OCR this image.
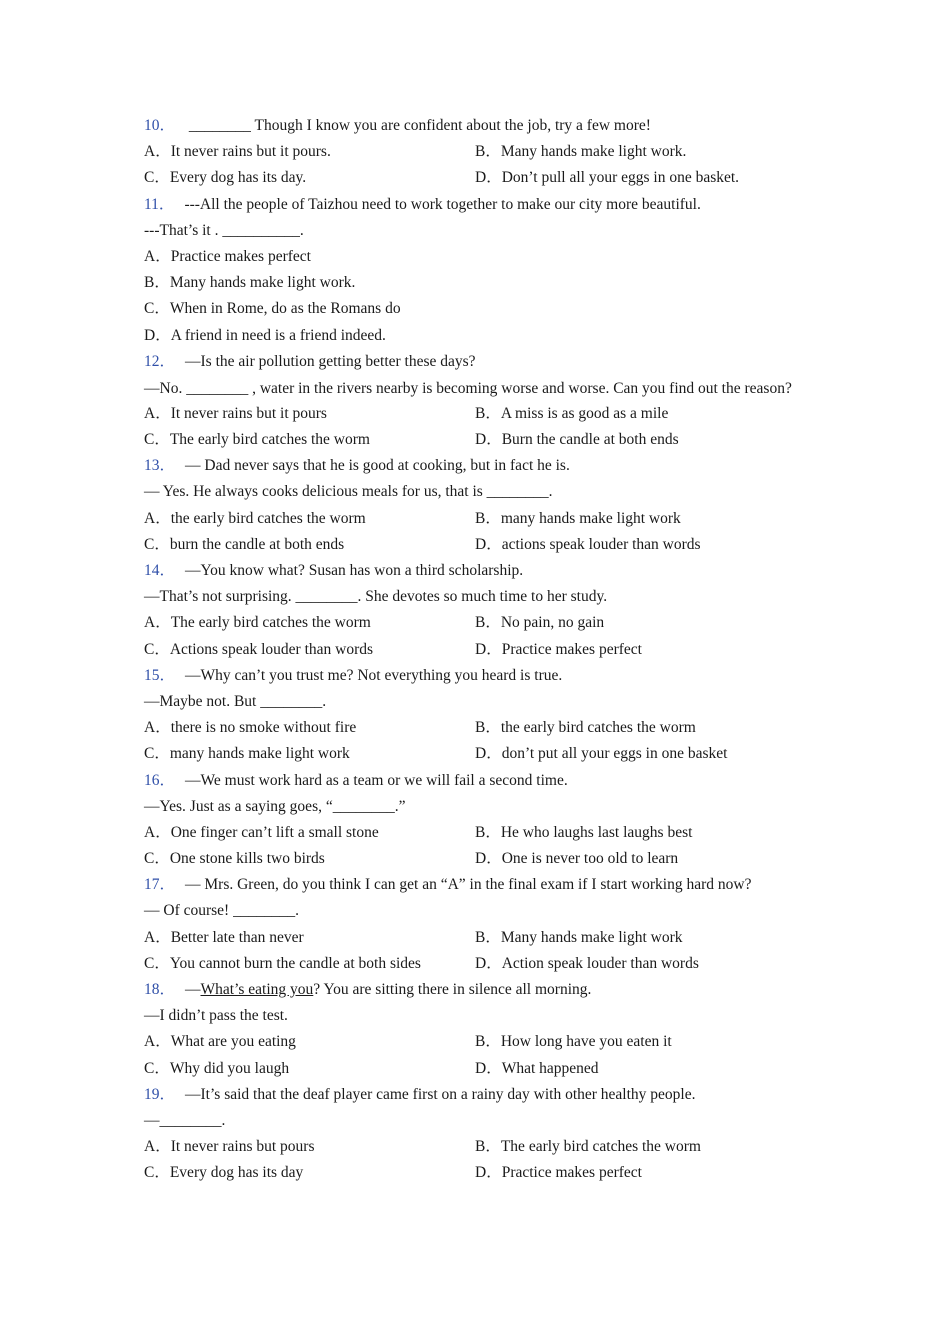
10． ________ Though I know you are confident about the job, try a few more!
A．It never rains but it pours.	B．Many hands make light work.
C．Every dog has its day.	D．Don’t pull all your eggs in one basket.
11． ---All the people of Taizhou need to work together to make our city more beautiful.
---That’s it . __________.
A．Practice makes perfect
B．Many hands make light work.
C．When in Rome, do as the Romans do
D．A friend in need is a friend indeed.
12． —Is the air pollution getting better these days?
—No. ________ , water in the rivers nearby is becoming worse and worse. Can you find out the reason?
A．It never rains but it pours	B．A miss is as good as a mile
C．The early bird catches the worm	D．Burn the candle at both ends
13． — Dad never says that he is good at cooking, but in fact he is.
— Yes. He always cooks delicious meals for us, that is ________.
A．the early bird catches the worm	B．many hands make light work
C．burn the candle at both ends	D．actions speak louder than words
14． —You know what? Susan has won a third scholarship.
—That’s not surprising. ________. She devotes so much time to her study.
A．The early bird catches the worm	B．No pain, no gain
C．Actions speak louder than words	D．Practice makes perfect
15． —Why can’t you trust me? Not everything you heard is true.
—Maybe not. But ________.
A．there is no smoke without fire	B．the early bird catches the worm
C．many hands make light work	D．don’t put all your eggs in one basket
16． —We must work hard as a team or we will fail a second time.
—Yes. Just as a saying goes, “________.”
A．One finger can’t lift a small stone	B．He who laughs last laughs best
C．One stone kills two birds	D．One is never too old to learn
17． — Mrs. Green, do you think I can get an “A” in the final exam if I start working hard now?
— Of course! ________.
A．Better late than never	B．Many hands make light work
C．You cannot burn the candle at both sides	D．Action speak louder than words
18． —What’s eating you? You are sitting there in silence all morning.
—I didn’t pass the test.
A．What are you eating	B．How long have you eaten it
C．Why did you laugh	D．What happened
19． —It’s said that the deaf player came first on a rainy day with other healthy people.
—________.
A．It never rains but pours	B．The early bird catches the worm
C．Every dog has its day	D．Practice makes perfect
